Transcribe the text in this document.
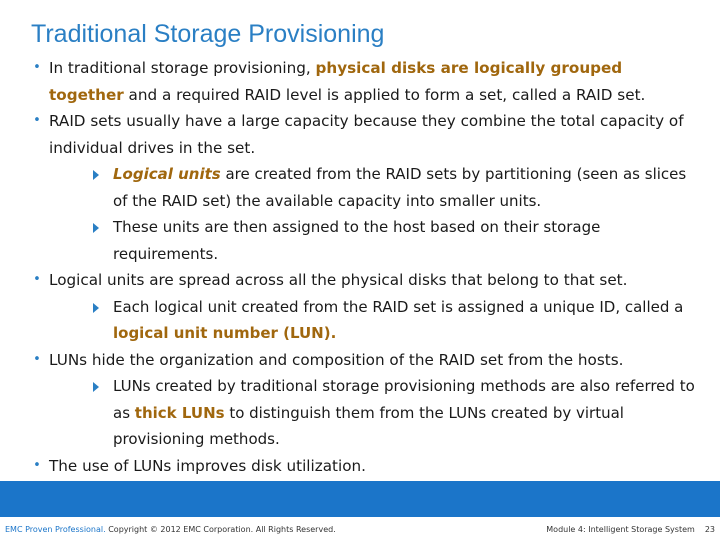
Traditional Storage Provisioning
• In traditional storage provisioning, physical disks are logically grouped together and a required RAID level is applied to form a set, called a RAID set.
• RAID sets usually have a large capacity because they combine the total capacity of individual drives in the set.
Logical units are created from the RAID sets by partitioning (seen as slices of the RAID set) the available capacity into smaller units.
These units are then assigned to the host based on their storage requirements.
• Logical units are spread across all the physical disks that belong to that set.
Each logical unit created from the RAID set is assigned a unique ID, called a logical unit number (LUN).
• LUNs hide the organization and composition of the RAID set from the hosts.
LUNs created by traditional storage provisioning methods are also referred to as thick LUNs to distinguish them from the LUNs created by virtual provisioning methods.
• The use of LUNs improves disk utilization.
EMC Proven Professional. Copyright © 2012 EMC Corporation. All Rights Reserved.	Module 4: Intelligent Storage System 23
